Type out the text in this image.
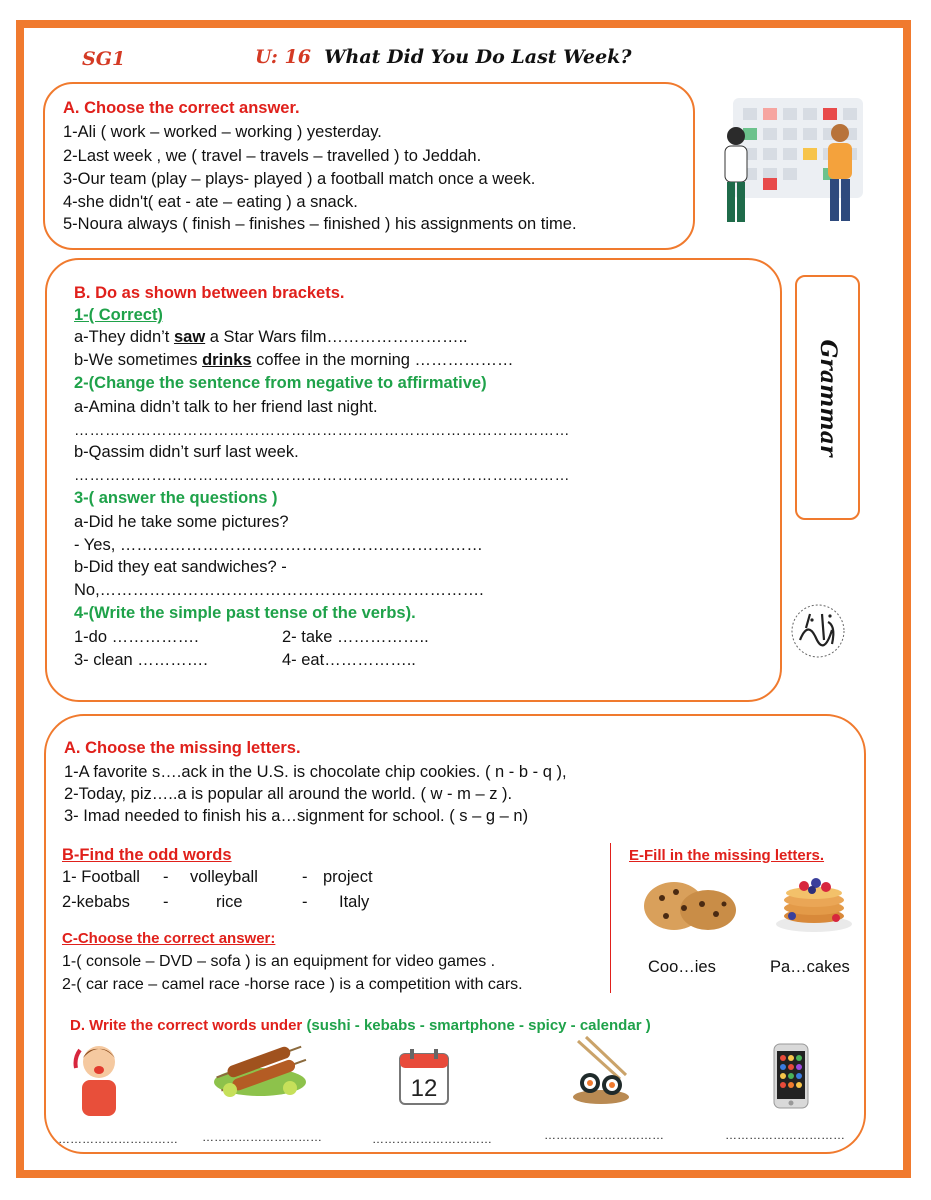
SG1	U: 16 What Did You Do Last Week?
A. Choose the correct answer.
1-Ali ( work – worked – working ) yesterday.
2-Last week , we ( travel – travels – travelled ) to Jeddah.
3-Our team (play – plays- played ) a football match once a week.
4-she didn't( eat - ate – eating ) a snack.
5-Noura always ( finish – finishes – finished ) his assignments on time.
B. Do as shown between brackets.
1-( Correct)
a-They didn’t saw a Star Wars film……………………..
b-We sometimes drinks coffee in the morning ………………
2-(Change the sentence from negative to affirmative)
a-Amina didn’t talk to her friend last night.
……………………………………………………………………………………
b-Qassim didn’t surf last week.
……………………………………………………………………………………
3-( answer the questions )
a-Did he take some pictures?
- Yes, …………………………………………………………
b-Did they eat sandwiches? -
No,…………………………………………………………….
4-(Write the simple past tense of the verbs).
1-do …………….	2- take ……………..
3- clean ………….	4- eat……………..
Grammar
A. Choose the missing letters.
1-A favorite s….ack in the U.S. is chocolate chip cookies. ( n - b - q ),
2-Today, piz…..a is popular all around the world. ( w - m – z ).
3- Imad needed to finish his a…signment for school. ( s – g – n)
B-Find the odd words
1- Football - volleyball	- project
2-kebabs -	rice	- Italy
C-Choose the correct answer:
1-( console – DVD – sofa ) is an equipment for video games .
2-( car race – camel race -horse race ) is a competition with cars.
E-Fill in the missing letters.
Coo…ies	Pa…cakes
D. Write the correct words under (sushi - kebabs - smartphone - spicy - calendar )
12
………………………… …………………………	…………………………	…………………………	…………………………
